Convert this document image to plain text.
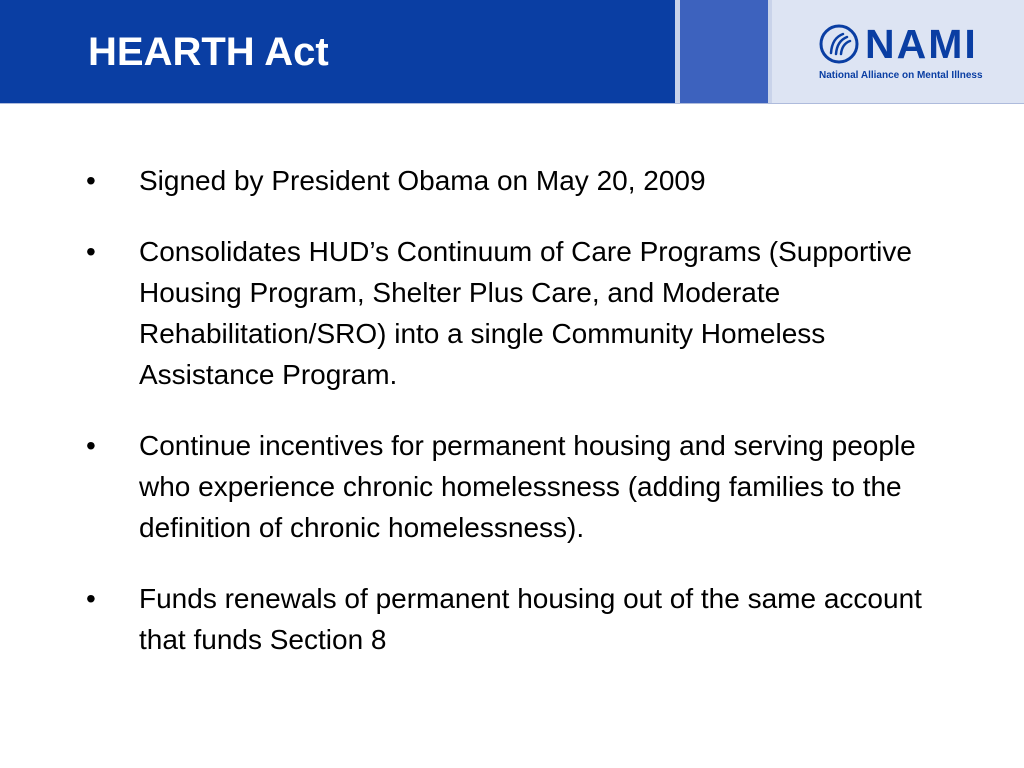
HEARTH Act	NAMI
National Alliance on Mental Illness
•	Signed by President Obama on May 20, 2009
•	Consolidates HUD’s Continuum of Care Programs (Supportive Housing Program, Shelter Plus Care, and Moderate Rehabilitation/SRO) into a single Community Homeless Assistance Program.
•	Continue incentives for permanent housing and serving people who experience chronic homelessness (adding families to the definition of chronic homelessness).
•	Funds renewals of permanent housing out of the same account that funds Section 8
